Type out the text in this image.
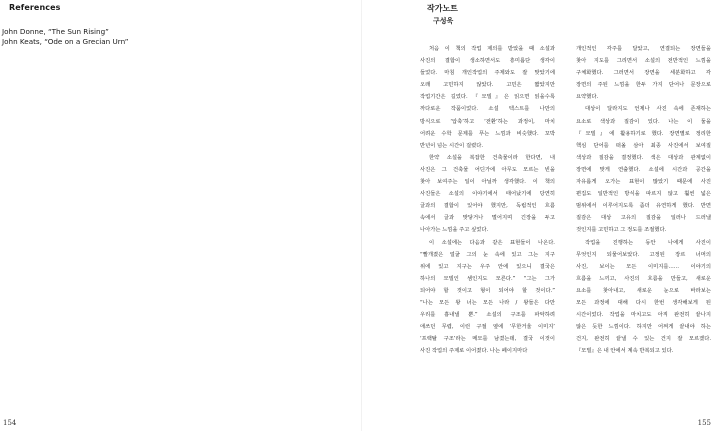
References
John Donne, “The Sun Rising”
John Keats, “Ode on a Grecian Urn”
154
작가노트
구성욱
처음 이 책의 작업 제의를 받았을 때 소설과
사진의 결합이 생소하면서도 흥미롭단 생각이
들었다. 마침 개인작업의 주제와도 잘 맞았기에
오래 고민하지 않았다. 고민은 짧았지만
작업기간은 길었다. 『모빌』은 읽으면 읽을수록
까다로운 작품이었다. 소설 텍스트를 나만의
방식으로 ‘압축’하고 ‘전환’하는 과정이, 마치
어려운 수학 문제를 푸는 느낌과 비슷했다. 꼬박
반년이 넘는 시간이 걸렸다.
한약 소설을 복잡한 건축물이라 한다면, 내
사진은 그 건축물 어딘가에 아무도 모르는 빈을
찾아 보여주는 일이 아닐까 생각했다. 이 책의
사진들은 소설의 이야기에서 태어났기에 당연히
글과의 결합이 있어야 했지만, 독립적인 흐름
속에서 글과 맞닿거나 멀어지며 긴장을 두고
나아가는 느낌을 주고 싶었다.
이 소설에는 다음과 같은 표현들이 나온다.
“빨개졌은 얼굴 그의 눈 속에 있고 그는 지구
위에 있고 지구는 우주 안에 있으니 결국은
하나의 모빌인 셈인지도 모른다.” “그는 그가
되어야 할 것이고 형이 되어야 할 것이다.”
“나는 모든 왕 너는 모든 나라 / 왕들은 다만
우리를 흉내낼 뿐.” 소설의 구조를 파악하려
애쓰던 무렵, 이런 구절 옆에 ‘무한거울 이미지’
‘프랙탈 구조’라는 메모를 남겼는데, 결국 이것이
사진 작업의 주제로 이어졌다. 나는 페이지마다
개인적인 각주를 달았고, 연결되는 장면들을
찾아 지도를 그리면서 소설의 전반적인 느낌을
구체화했다. 그러면서 장면을 세분화하고 각
장면의 주된 느낌을 한두 가지 단어나 문장으로
요약했다.
대상이 달라지도 언제나 사진 속에 존재하는
요소로 색상과 질감이 있다. 나는 이 둘을
『모빌』에 활용하기로 했다. 장면별로 정리한
핵심 단어를 떠올 삼아 최종 사진에서 보여질
색상과 질감을 결정했다. 색은 대상과 관계없이
장면에 맞게 연출했다. 소설에 시간과 공간을
자유롭게 오가는 표현이 많았기 때문에 사진
편집도 일반적인 방식을 따르지 않고 훨씬 넓은
범위에서 이루어지도록 좀더 유연하게 했다. 반면
질감은 대상 고유의 질감을 일러나 드러낼
것인지를 고민하고 그 정도를 조절했다.
작업을 진행하는 동안 나에게 사진이
무엇인지 되물어보았다. 고정된 장르 너머의
사진, 보이는 모든 이미지를…… 이야기의
흐름을 느끼고, 사진의 흐름을 만들고, 새로운
요소를 찾아내고, 새로운 눈으로 바라보는
모든 과정에 대해 다시 한번 생각해보게 된
시간이었다. 작업을 마치고도 아직 완전히 끝나지
않은 듯한 느낌이다. 하지만 어쩌게 끝내야 하는
건지, 완전히 끝낼 수 있는 건지 잘 모르겠다.
『모빌』은 내 안에서 계속 반복되고 있다.
155
